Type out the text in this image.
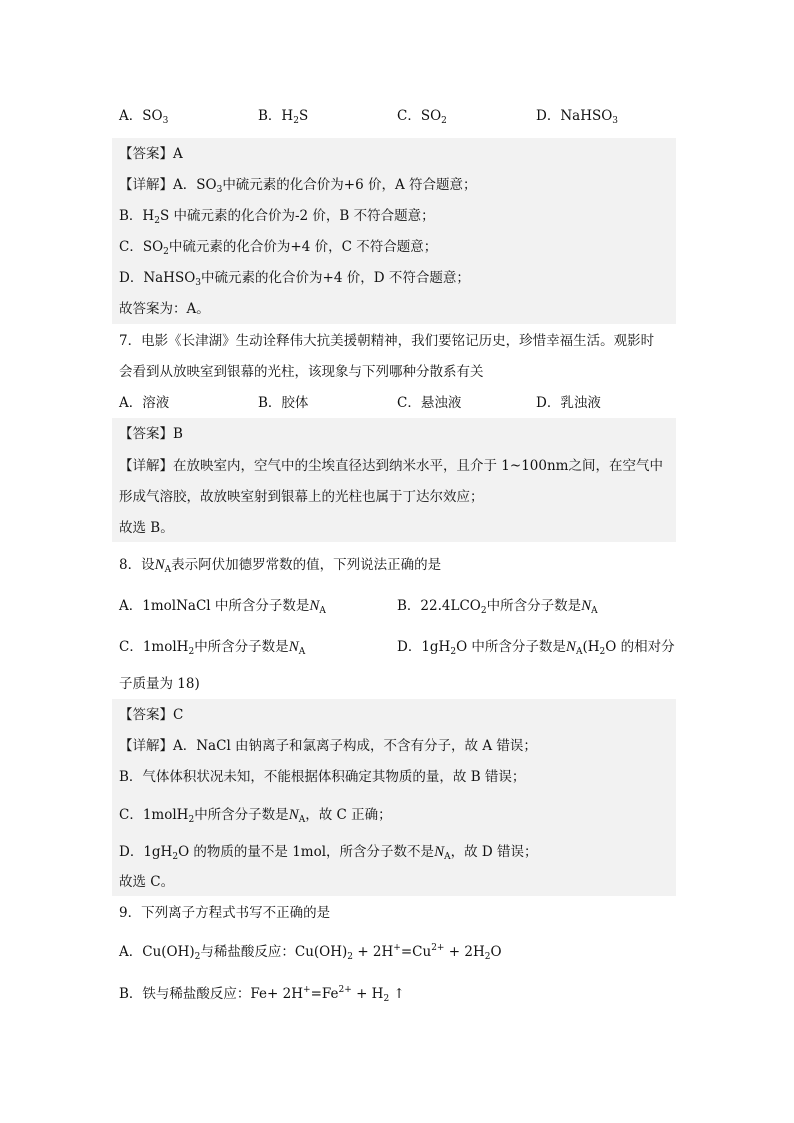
A．$SO_3$	B．$H_2S$	C．$SO_2$	D．NaHSO$_3$
【答案】A
【详解】A．$SO_3$中硫元素的化合价为+6 价，A 符合题意；
B．$H_2S$ 中硫元素的化合价为-2 价，B 不符合题意；
C．$SO_2$中硫元素的化合价为+4 价，C 不符合题意；
D．NaHSO$_3$中硫元素的化合价为+4 价，D 不符合题意；
故答案为：A。
7．电影《长津湖》生动诠释伟大抗美援朝精神，我们要铭记历史，珍惜幸福生活。观影时
会看到从放映室到银幕的光柱，该现象与下列哪种分散系有关
A．溶液	B．胶体	C．悬浊液	D．乳浊液
【答案】B
【详解】在放映室内，空气中的尘埃直径达到纳米水平，且介于 1~100nm之间，在空气中
形成气溶胶，故放映室射到银幕上的光柱也属于丁达尔效应；
故选 B。
8．设$N_A$表示阿伏加德罗常数的值，下列说法正确的是
A．1molNaCl 中所含分子数是$N_A$	B．$22.4LCO_2$中所含分子数是$N_A$
C．1molH$_2$中所含分子数是$N_A$	D．$1gH_2O$ 中所含分子数是$N_A(H_2O$ 的相对分
子质量为 18)
【答案】C
【详解】A．NaCl 由钠离子和氯离子构成，不含有分子，故 A 错误；
B．气体体积状况未知，不能根据体积确定其物质的量，故 B 错误；
C．1molH$_2$中所含分子数是$N_A$，故 C 正确；
D．$1gH_2O$ 的物质的量不是 1mol，所含分子数不是$N_A$，故 D 错误；
故选 C。
9．下列离子方程式书写不正确的是
A．$Cu(OH)_2$与稀盐酸反应：$Cu(OH)_2 + 2H^+=Cu^{2+} + 2H_2O$
B．铁与稀盐酸反应：$Fe+ 2H^+=Fe^{2+} + H_2$ ↑
